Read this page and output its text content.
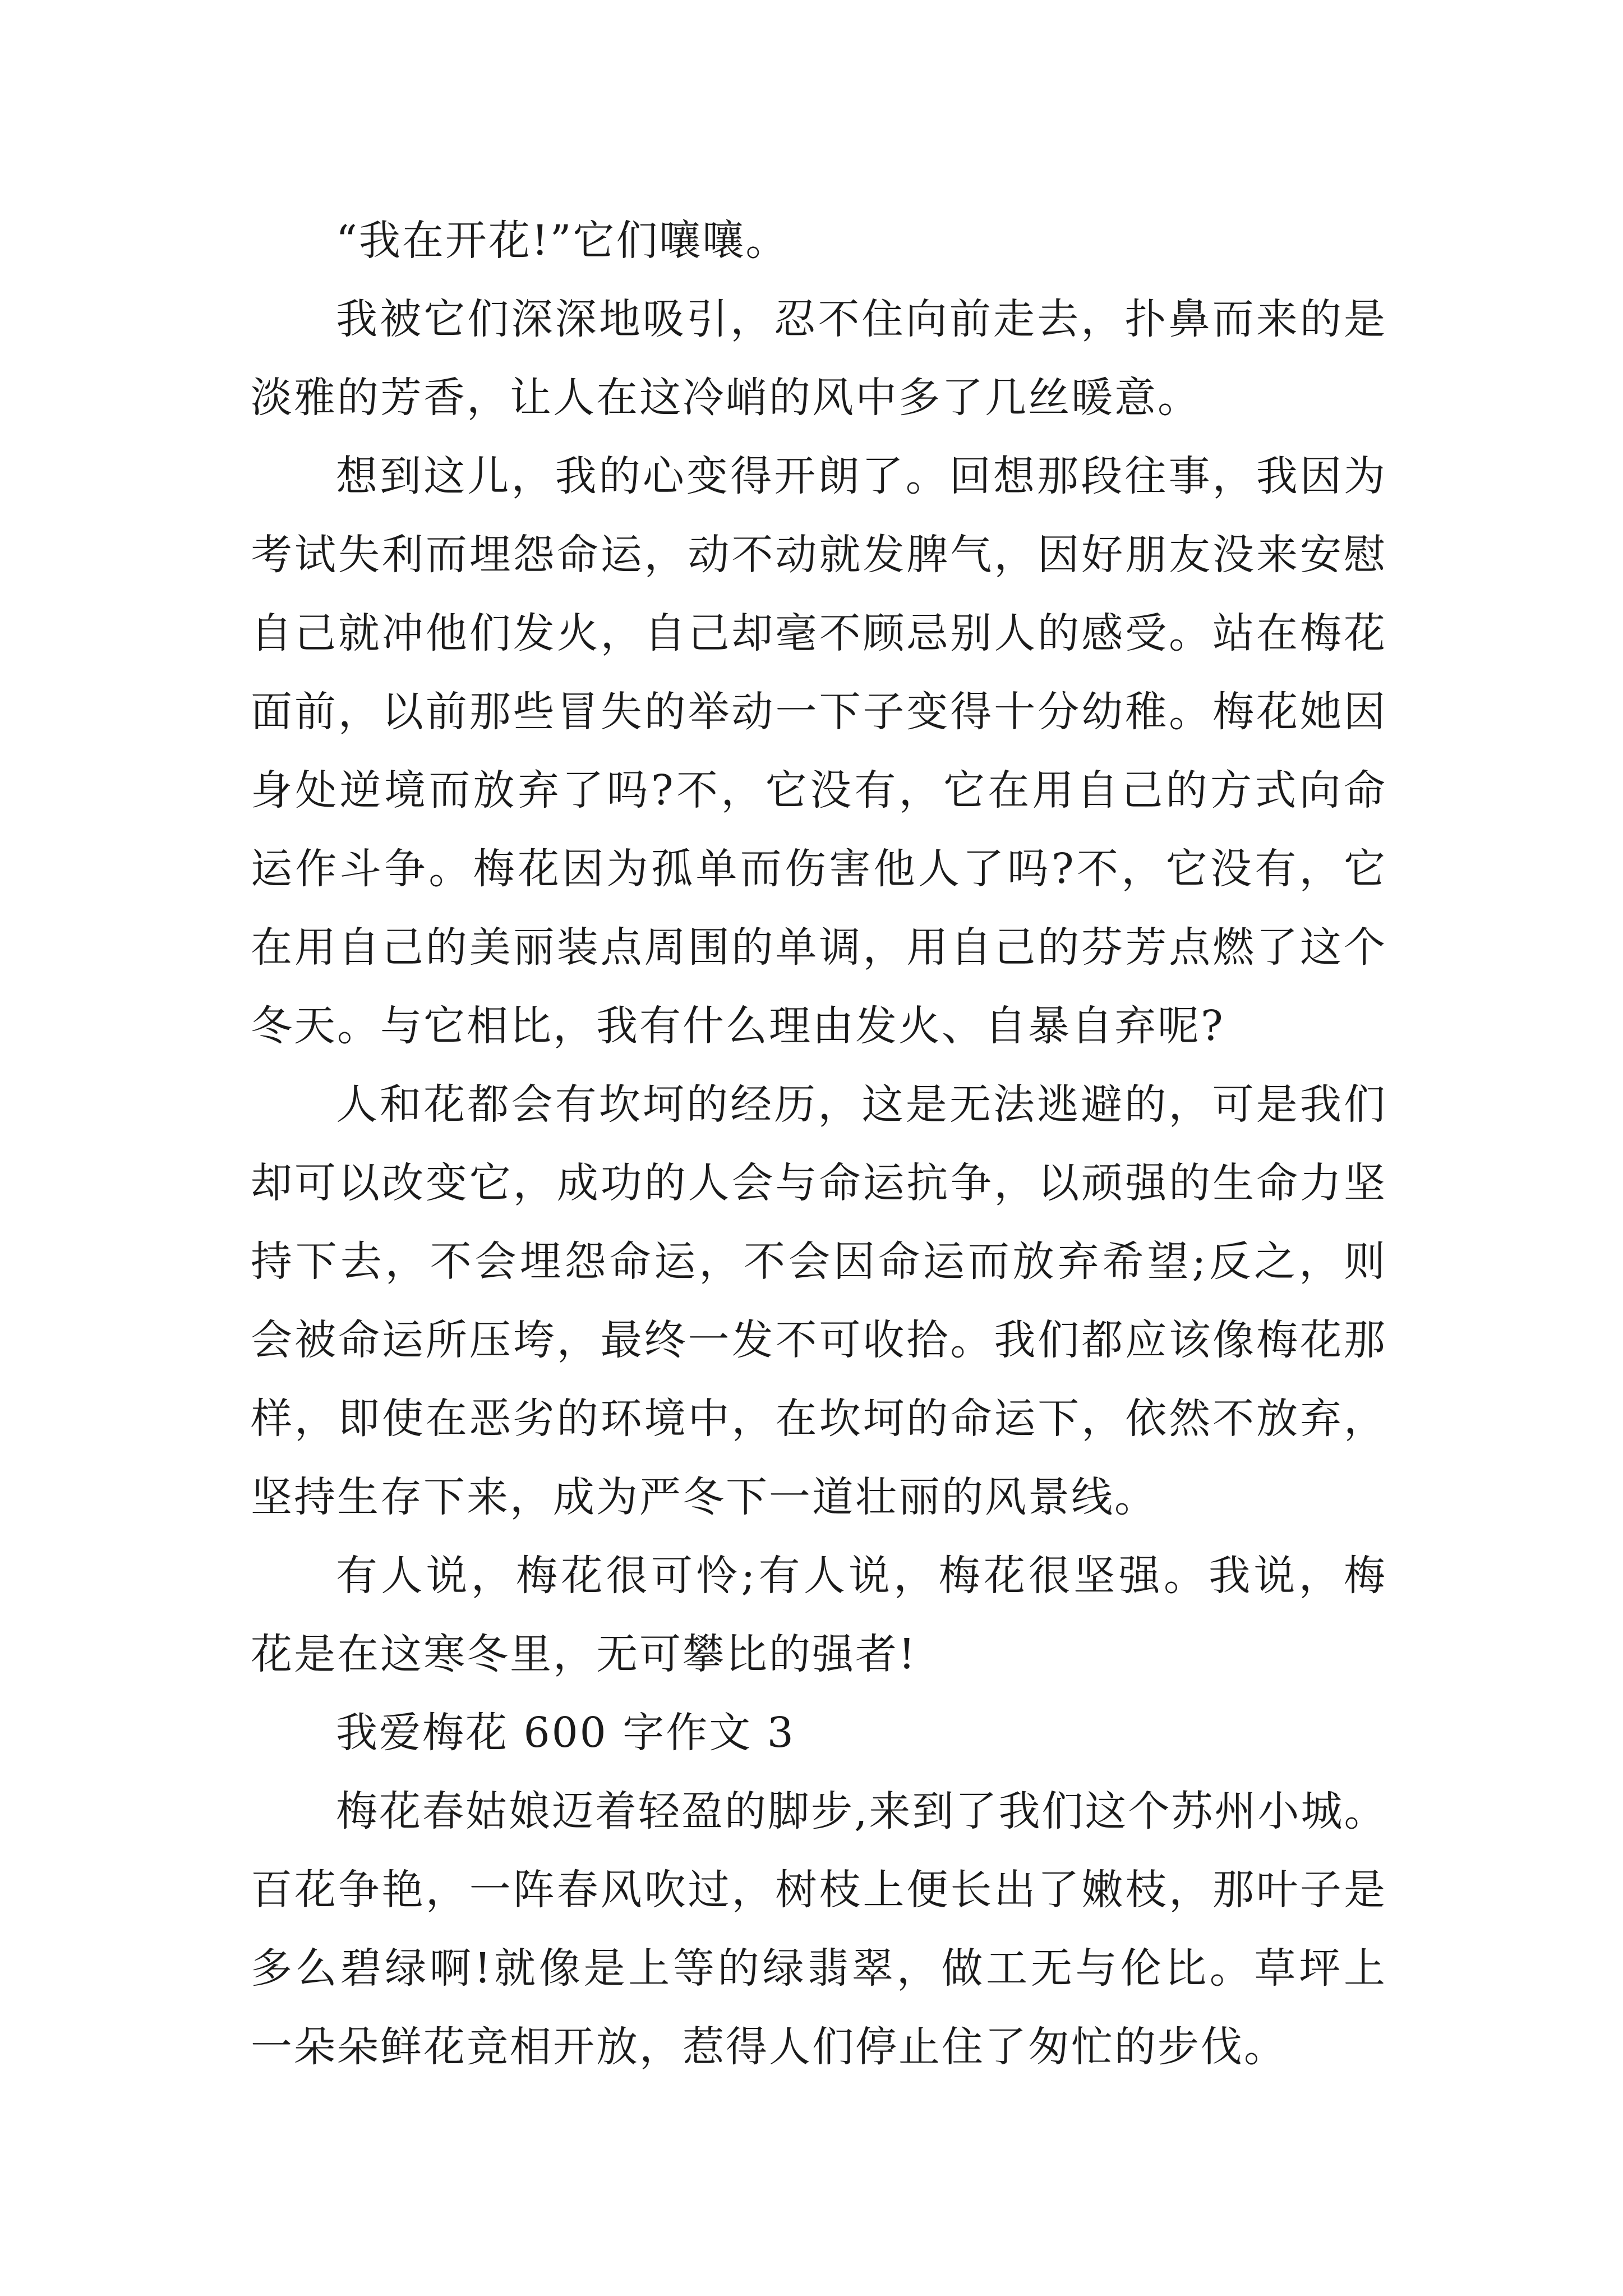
“我在开花!”它们嚷嚷。
我被它们深深地吸引，忍不住向前走去，扑鼻而来的是
淡雅的芳香，让人在这冷峭的风中多了几丝暖意。
想到这儿，我的心变得开朗了。回想那段往事，我因为
考试失利而埋怨命运，动不动就发脾气，因好朋友没来安慰
自己就冲他们发火，自己却毫不顾忌别人的感受。站在梅花
面前，以前那些冒失的举动一下子变得十分幼稚。梅花她因
身处逆境而放弃了吗?不，它没有，它在用自己的方式向命
运作斗争。梅花因为孤单而伤害他人了吗?不，它没有，它
在用自己的美丽装点周围的单调，用自己的芬芳点燃了这个
冬天。与它相比，我有什么理由发火、自暴自弃呢?
人和花都会有坎坷的经历，这是无法逃避的，可是我们
却可以改变它，成功的人会与命运抗争，以顽强的生命力坚
持下去，不会埋怨命运，不会因命运而放弃希望;反之，则
会被命运所压垮，最终一发不可收拾。我们都应该像梅花那
样，即使在恶劣的环境中，在坎坷的命运下，依然不放弃，
坚持生存下来，成为严冬下一道壮丽的风景线。
有人说，梅花很可怜;有人说，梅花很坚强。我说，梅
花是在这寒冬里，无可攀比的强者!
我爱梅花 600 字作文 3
梅花春姑娘迈着轻盈的脚步,来到了我们这个苏州小城。
百花争艳，一阵春风吹过，树枝上便长出了嫩枝，那叶子是
多么碧绿啊!就像是上等的绿翡翠，做工无与伦比。草坪上
一朵朵鲜花竞相开放，惹得人们停止住了匆忙的步伐。
